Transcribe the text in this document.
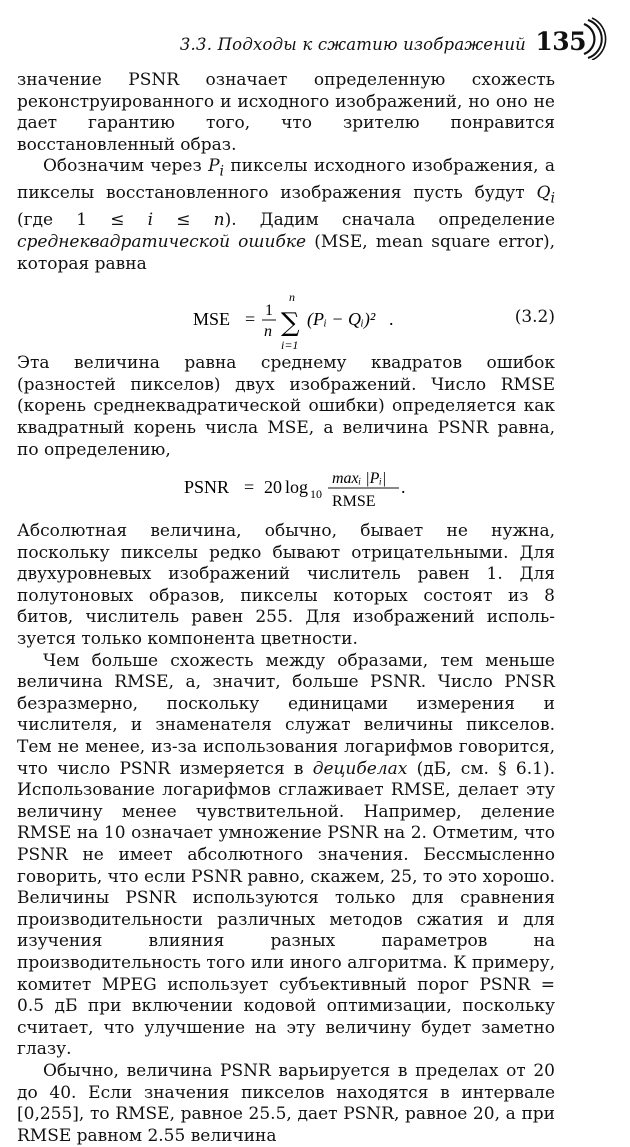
3.3. Подходы к сжатию изображений 135

значение PSNR означает определенную схожесть реконструированного и исходного изображений, но оно не дает гарантию того, что зрителю понравится восстановленный образ.

Обозначим через $P_i$ пикселы исходного изображения, а пикселы восстановленного изображения пусть будут $Q_i$ (где 1 ≤ i ≤ n). Дадим сначала определение среднеквадратической ошибке (MSE, mean square error), которая равна

MSE = 1
n
n
∑
i=1
(Pᵢ − Qᵢ)² .	(3.2)

Эта величина равна среднему квадратов ошибок (разностей пикселов) двух изображений. Число RMSE (корень среднеквадратической ошибки) определяется как квадратный корень числа MSE, а величина PSNR равна, по определению,

PSNR = 20 log 10
maxᵢ |Pᵢ|
RMSE
.

Абсолютная величина, обычно, бывает не нужна, поскольку пикселы редко бывают отрицательными. Для двухуровневых изображений числитель равен 1. Для полутоновых образов, пикселы которых состоят из 8 битов, числитель равен 255. Для изображений используется только компонента цветности.

Чем больше схожесть между образами, тем меньше величина RMSE, а, значит, больше PSNR. Число PNSR безразмерно, поскольку единицами измерения и числителя, и знаменателя служат величины пикселов. Тем не менее, из-за использования логарифмов говорится, что число PSNR измеряется в децибелах (дБ, см. § 6.1). Использование логарифмов сглаживает RMSE, делает эту величину менее чувствительной. Например, деление RMSE на 10 означает умножение PSNR на 2. Отметим, что PSNR не имеет абсолютного значения. Бессмысленно говорить, что если PSNR равно, скажем, 25, то это хорошо. Величины PSNR используются только для сравнения производительности различных методов сжатия и для изучения влияния разных параметров на производительность того или иного алгоритма. К примеру, комитет MPEG использует субъективный порог PSNR = 0.5 дБ при включении кодовой оптимизации, поскольку считает, что улучшение на эту величину будет заметно глазу.

Обычно, величина PSNR варьируется в пределах от 20 до 40. Если значения пикселов находятся в интервале [0,255], то RMSE, равное 25.5, дает PSNR, равное 20, а при RMSE равном 2.55 величина
